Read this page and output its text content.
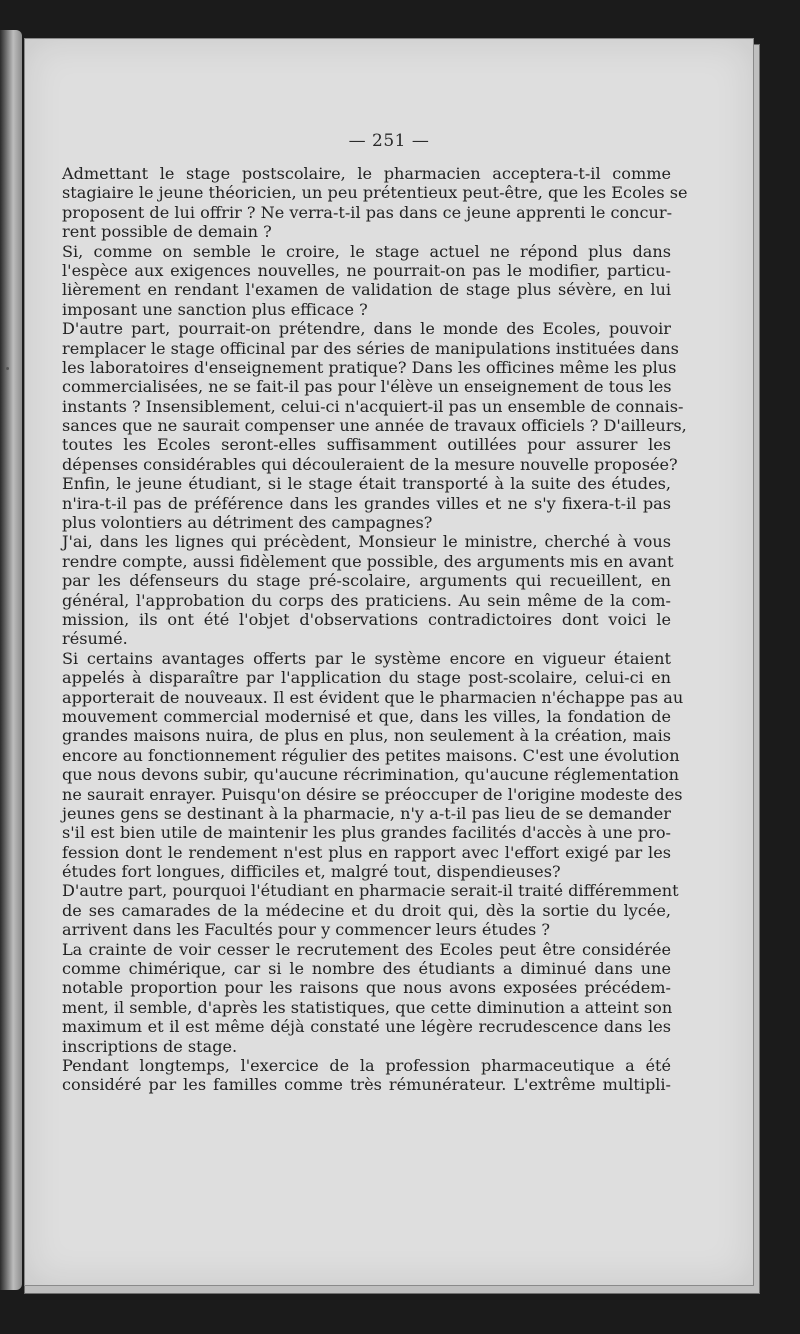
— 251 —
Admettant le stage postscolaire, le pharmacien acceptera-t-il comme
stagiaire le jeune théoricien, un peu prétentieux peut-être, que les Ecoles se
proposent de lui offrir ? Ne verra-t-il pas dans ce jeune apprenti le concur-
rent possible de demain ?
Si, comme on semble le croire, le stage actuel ne répond plus dans
l'espèce aux exigences nouvelles, ne pourrait-on pas le modifier, particu-
lièrement en rendant l'examen de validation de stage plus sévère, en lui
imposant une sanction plus efficace ?
D'autre part, pourrait-on prétendre, dans le monde des Ecoles, pouvoir
remplacer le stage officinal par des séries de manipulations instituées dans
les laboratoires d'enseignement pratique? Dans les officines même les plus
commercialisées, ne se fait-il pas pour l'élève un enseignement de tous les
instants ? Insensiblement, celui-ci n'acquiert-il pas un ensemble de connais-
sances que ne saurait compenser une année de travaux officiels ? D'ailleurs,
toutes les Ecoles seront-elles suffisamment outillées pour assurer les
dépenses considérables qui découleraient de la mesure nouvelle proposée?
Enfin, le jeune étudiant, si le stage était transporté à la suite des études,
n'ira-t-il pas de préférence dans les grandes villes et ne s'y fixera-t-il pas
plus volontiers au détriment des campagnes?
J'ai, dans les lignes qui précèdent, Monsieur le ministre, cherché à vous
rendre compte, aussi fidèlement que possible, des arguments mis en avant
par les défenseurs du stage pré-scolaire, arguments qui recueillent, en
général, l'approbation du corps des praticiens. Au sein même de la com-
mission, ils ont été l'objet d'observations contradictoires dont voici le
résumé.
Si certains avantages offerts par le système encore en vigueur étaient
appelés à disparaître par l'application du stage post-scolaire, celui-ci en
apporterait de nouveaux. Il est évident que le pharmacien n'échappe pas au
mouvement commercial modernisé et que, dans les villes, la fondation de
grandes maisons nuira, de plus en plus, non seulement à la création, mais
encore au fonctionnement régulier des petites maisons. C'est une évolution
que nous devons subir, qu'aucune récrimination, qu'aucune réglementation
ne saurait enrayer. Puisqu'on désire se préoccuper de l'origine modeste des
jeunes gens se destinant à la pharmacie, n'y a-t-il pas lieu de se demander
s'il est bien utile de maintenir les plus grandes facilités d'accès à une pro-
fession dont le rendement n'est plus en rapport avec l'effort exigé par les
études fort longues, difficiles et, malgré tout, dispendieuses?
D'autre part, pourquoi l'étudiant en pharmacie serait-il traité différemment
de ses camarades de la médecine et du droit qui, dès la sortie du lycée,
arrivent dans les Facultés pour y commencer leurs études ?
La crainte de voir cesser le recrutement des Ecoles peut être considérée
comme chimérique, car si le nombre des étudiants a diminué dans une
notable proportion pour les raisons que nous avons exposées précédem-
ment, il semble, d'après les statistiques, que cette diminution a atteint son
maximum et il est même déjà constaté une légère recrudescence dans les
inscriptions de stage.
Pendant longtemps, l'exercice de la profession pharmaceutique a été
considéré par les familles comme très rémunérateur. L'extrême multipli-
